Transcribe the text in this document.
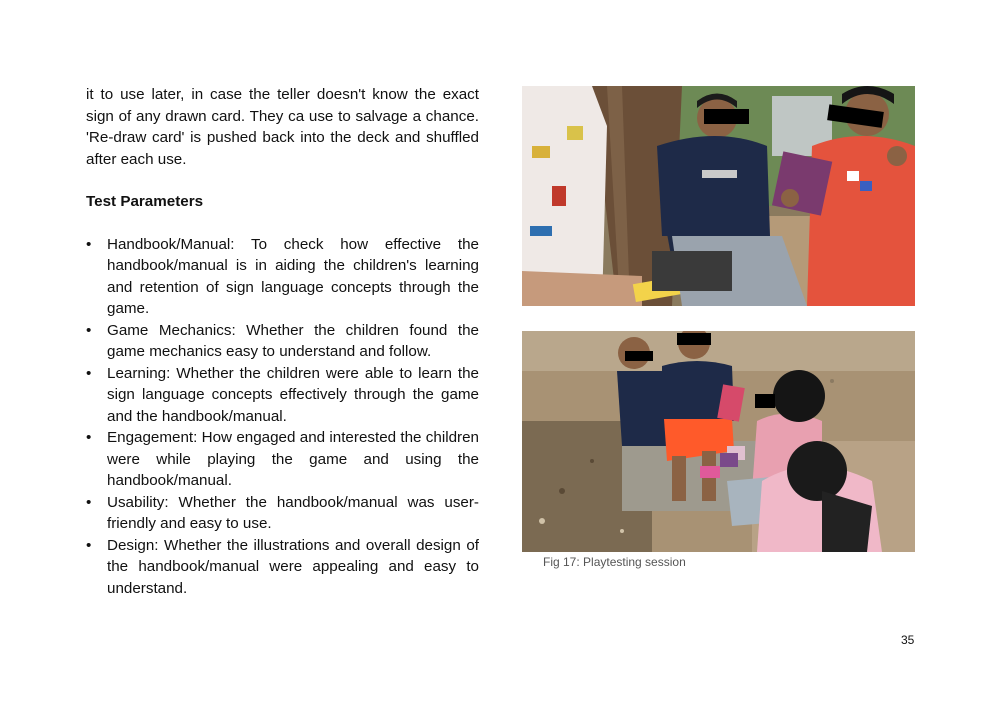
it to use later, in case the teller doesn't know the exact sign of any drawn card. They ca use to salvage a chance. 'Re-draw card' is pushed back into the deck and shuffled after each use.

Test Parameters

• Handbook/Manual: To check how effective the handbook/manual is in aiding the children's learning and retention of sign language concepts through the game.
• Game Mechanics: Whether the children found the game mechanics easy to understand and follow.
• Learning: Whether the children were able to learn the sign language concepts effectively through the game and the handbook/manual.
• Engagement: How engaged and interested the children were while playing the game and using the handbook/manual.
• Usability: Whether the handbook/manual was user-friendly and easy to use.
• Design: Whether the illustrations and overall design of the handbook/manual were appealing and easy to understand.
Fig 17: Playtesting session
35
